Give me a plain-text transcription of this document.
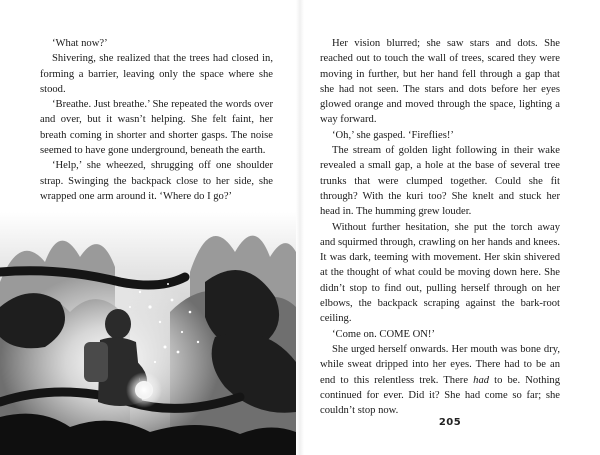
‘What now?’

Shivering, she realized that the trees had closed in, forming a barrier, leaving only the space where she stood.

‘Breathe. Just breathe.’ She repeated the words over and over, but it wasn’t helping. She felt faint, her breath coming in shorter and shorter gasps. The noise seemed to have gone underground, beneath the earth.

‘Help,’ she wheezed, shrugging off one shoulder strap. Swinging the backpack close to her side, she wrapped one arm around it. ‘Where do I go?’

Her vision blurred; she saw stars and dots. She reached out to touch the wall of trees, scared they were moving in further, but her hand fell through a gap that she had not seen. The stars and dots before her eyes glowed orange and moved through the space, lighting a way forward.

‘Oh,’ she gasped. ‘Fireflies!’

The stream of golden light following in their wake revealed a small gap, a hole at the base of several tree trunks that were clumped together. Could she fit through? With the kuri too? She knelt and stuck her head in. The humming grew louder.

Without further hesitation, she put the torch away and squirmed through, crawling on her hands and knees. It was dark, teeming with movement. Her skin shivered at the thought of what could be moving down here. She didn’t stop to find out, pulling herself through on her elbows, the backpack scraping against the bark-root ceiling.

‘Come on. COME ON!’

She urged herself onwards. Her mouth was bone dry, while sweat dripped into her eyes. There had to be an end to this relentless trek. There had to be. Nothing continued for ever. Did it? She had come so far; she couldn’t stop now.

205
